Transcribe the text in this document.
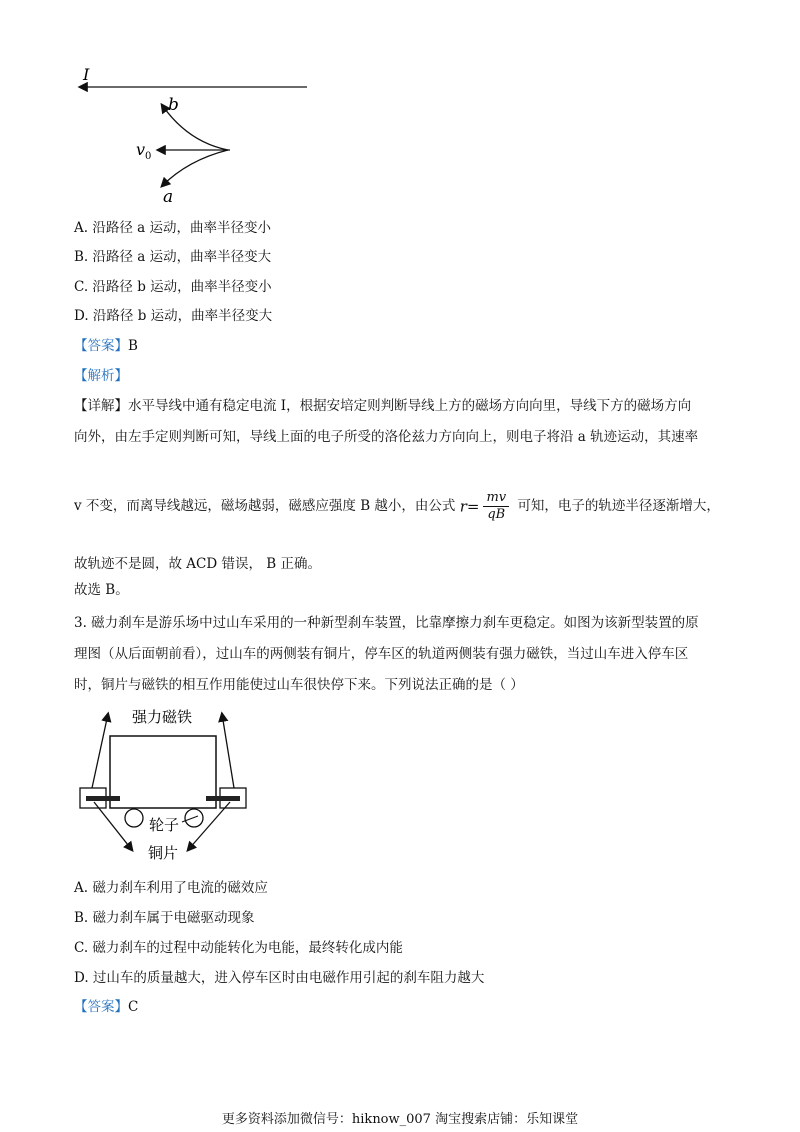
I
b
a
$v_0$
A. 沿路径 a 运动，曲率半径变小
B. 沿路径 a 运动，曲率半径变大
C. 沿路径 b 运动，曲率半径变小
D. 沿路径 b 运动，曲率半径变大
【答案】B
【解析】
【详解】水平导线中通有稳定电流 I，根据安培定则判断导线上方的磁场方向向里，导线下方的磁场方向
向外，由左手定则判断可知，导线上面的电子所受的洛伦兹力方向向上，则电子将沿 a 轨迹运动，其速率
v 不变，而离导线越远，磁场越弱，磁感应强度 B 越小，由公式 $r= \frac{mv}{qB}$ 可知，电子的轨迹半径逐渐增大，
故轨迹不是圆，故 ACD 错误， B 正确。
故选 B。
3. 磁力刹车是游乐场中过山车采用的一种新型刹车装置，比靠摩擦力刹车更稳定。如图为该新型装置的原
理图（从后面朝前看），过山车的两侧装有铜片，停车区的轨道两侧装有强力磁铁，当过山车进入停车区
时，铜片与磁铁的相互作用能使过山车很快停下来。下列说法正确的是（ ）
强力磁铁
轮子
铜片
A. 磁力刹车利用了电流的磁效应
B. 磁力刹车属于电磁驱动现象
C. 磁力刹车的过程中动能转化为电能，最终转化成内能
D. 过山车的质量越大，进入停车区时由电磁作用引起的刹车阻力越大
【答案】C
更多资料添加微信号：hiknow_007 淘宝搜索店铺：乐知课堂
